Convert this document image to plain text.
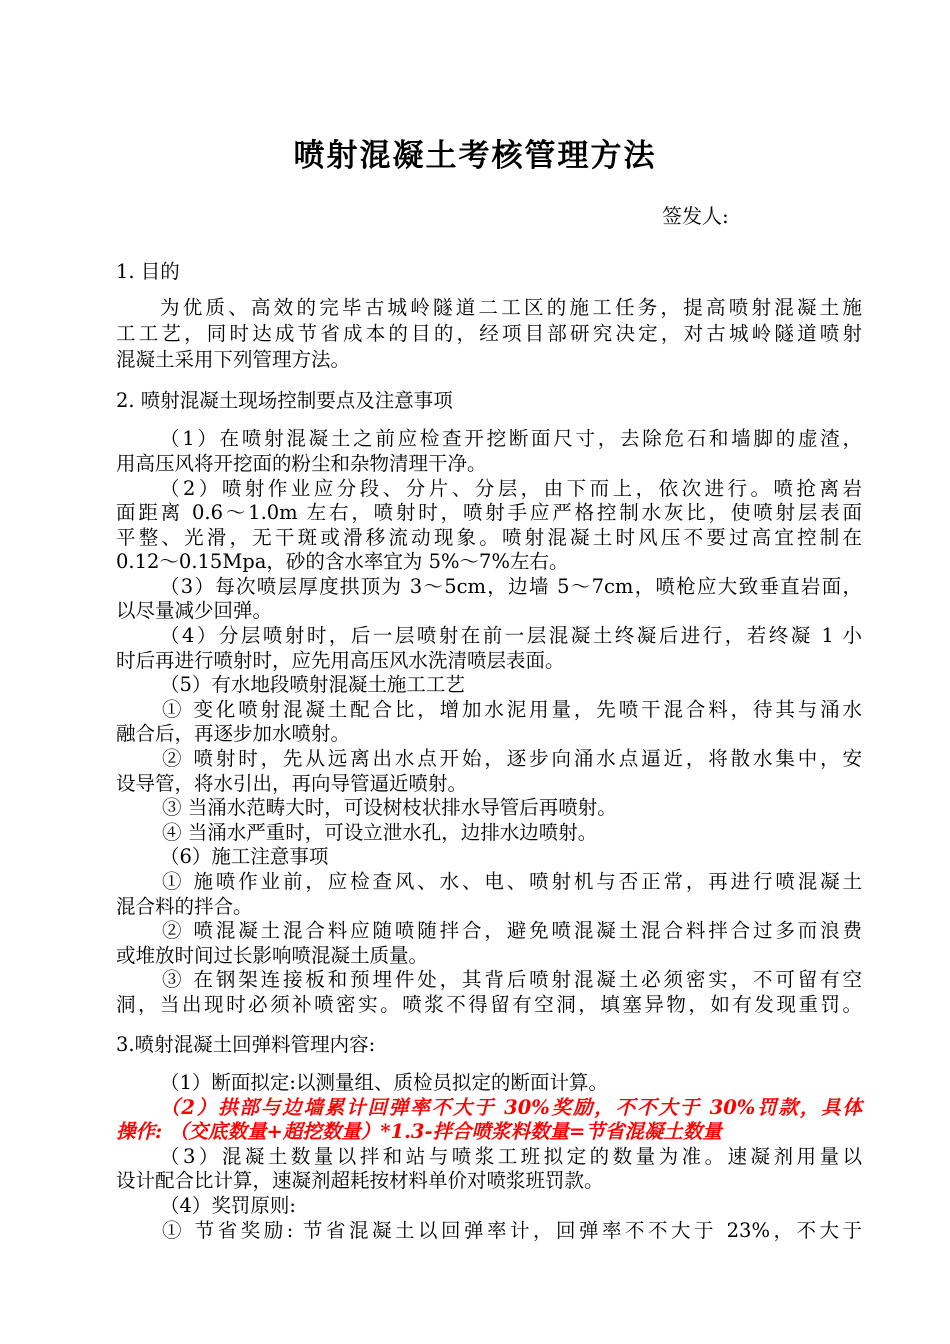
喷射混凝土考核管理方法
签发人:
1. 目的
为优质、高效的完毕古城岭隧道二工区的施工任务，提高喷射混凝土施
工工艺，同时达成节省成本的目的，经项目部研究决定，对古城岭隧道喷射
混凝土采用下列管理方法。
2. 喷射混凝土现场控制要点及注意事项
（1）在喷射混凝土之前应检查开挖断面尺寸，去除危石和墙脚的虚渣，
用高压风将开挖面的粉尘和杂物清理干净。
（2）喷射作业应分段、分片、分层，由下而上，依次进行。喷抢离岩
面距离 0.6～1.0m 左右，喷射时，喷射手应严格控制水灰比，使喷射层表面
平整、光滑，无干斑或滑移流动现象。喷射混凝土时风压不要过高宜控制在
0.12～0.15Mpa，砂的含水率宜为 5%～7%左右。
（3）每次喷层厚度拱顶为 3～5cm，边墙 5～7cm，喷枪应大致垂直岩面，
以尽量减少回弹。
（4）分层喷射时，后一层喷射在前一层混凝土终凝后进行，若终凝 1 小
时后再进行喷射时，应先用高压风水洗清喷层表面。
（5）有水地段喷射混凝土施工工艺
① 变化喷射混凝土配合比，增加水泥用量，先喷干混合料，待其与涌水
融合后，再逐步加水喷射。
② 喷射时，先从远离出水点开始，逐步向涌水点逼近，将散水集中，安
设导管，将水引出，再向导管逼近喷射。
③ 当涌水范畴大时，可设树枝状排水导管后再喷射。
④ 当涌水严重时，可设立泄水孔，边排水边喷射。
（6）施工注意事项
① 施喷作业前，应检查风、水、电、喷射机与否正常，再进行喷混凝土
混合料的拌合。
② 喷混凝土混合料应随喷随拌合，避免喷混凝土混合料拌合过多而浪费
或堆放时间过长影响喷混凝土质量。
③ 在钢架连接板和预埋件处，其背后喷射混凝土必须密实，不可留有空
洞，当出现时必须补喷密实。喷浆不得留有空洞，填塞异物，如有发现重罚。
3.喷射混凝土回弹料管理内容:
（1）断面拟定:以测量组、质检员拟定的断面计算。
（2）拱部与边墙累计回弹率不大于 30%奖励，不不大于 30%罚款，具体
操作: （交底数量+超挖数量）*1.3-拌合喷浆料数量=节省混凝土数量
（3）混凝土数量以拌和站与喷浆工班拟定的数量为准。速凝剂用量以
设计配合比计算，速凝剂超耗按材料单价对喷浆班罚款。
（4）奖罚原则:
① 节省奖励: 节省混凝土以回弹率计，回弹率不不大于 23%，不大于
